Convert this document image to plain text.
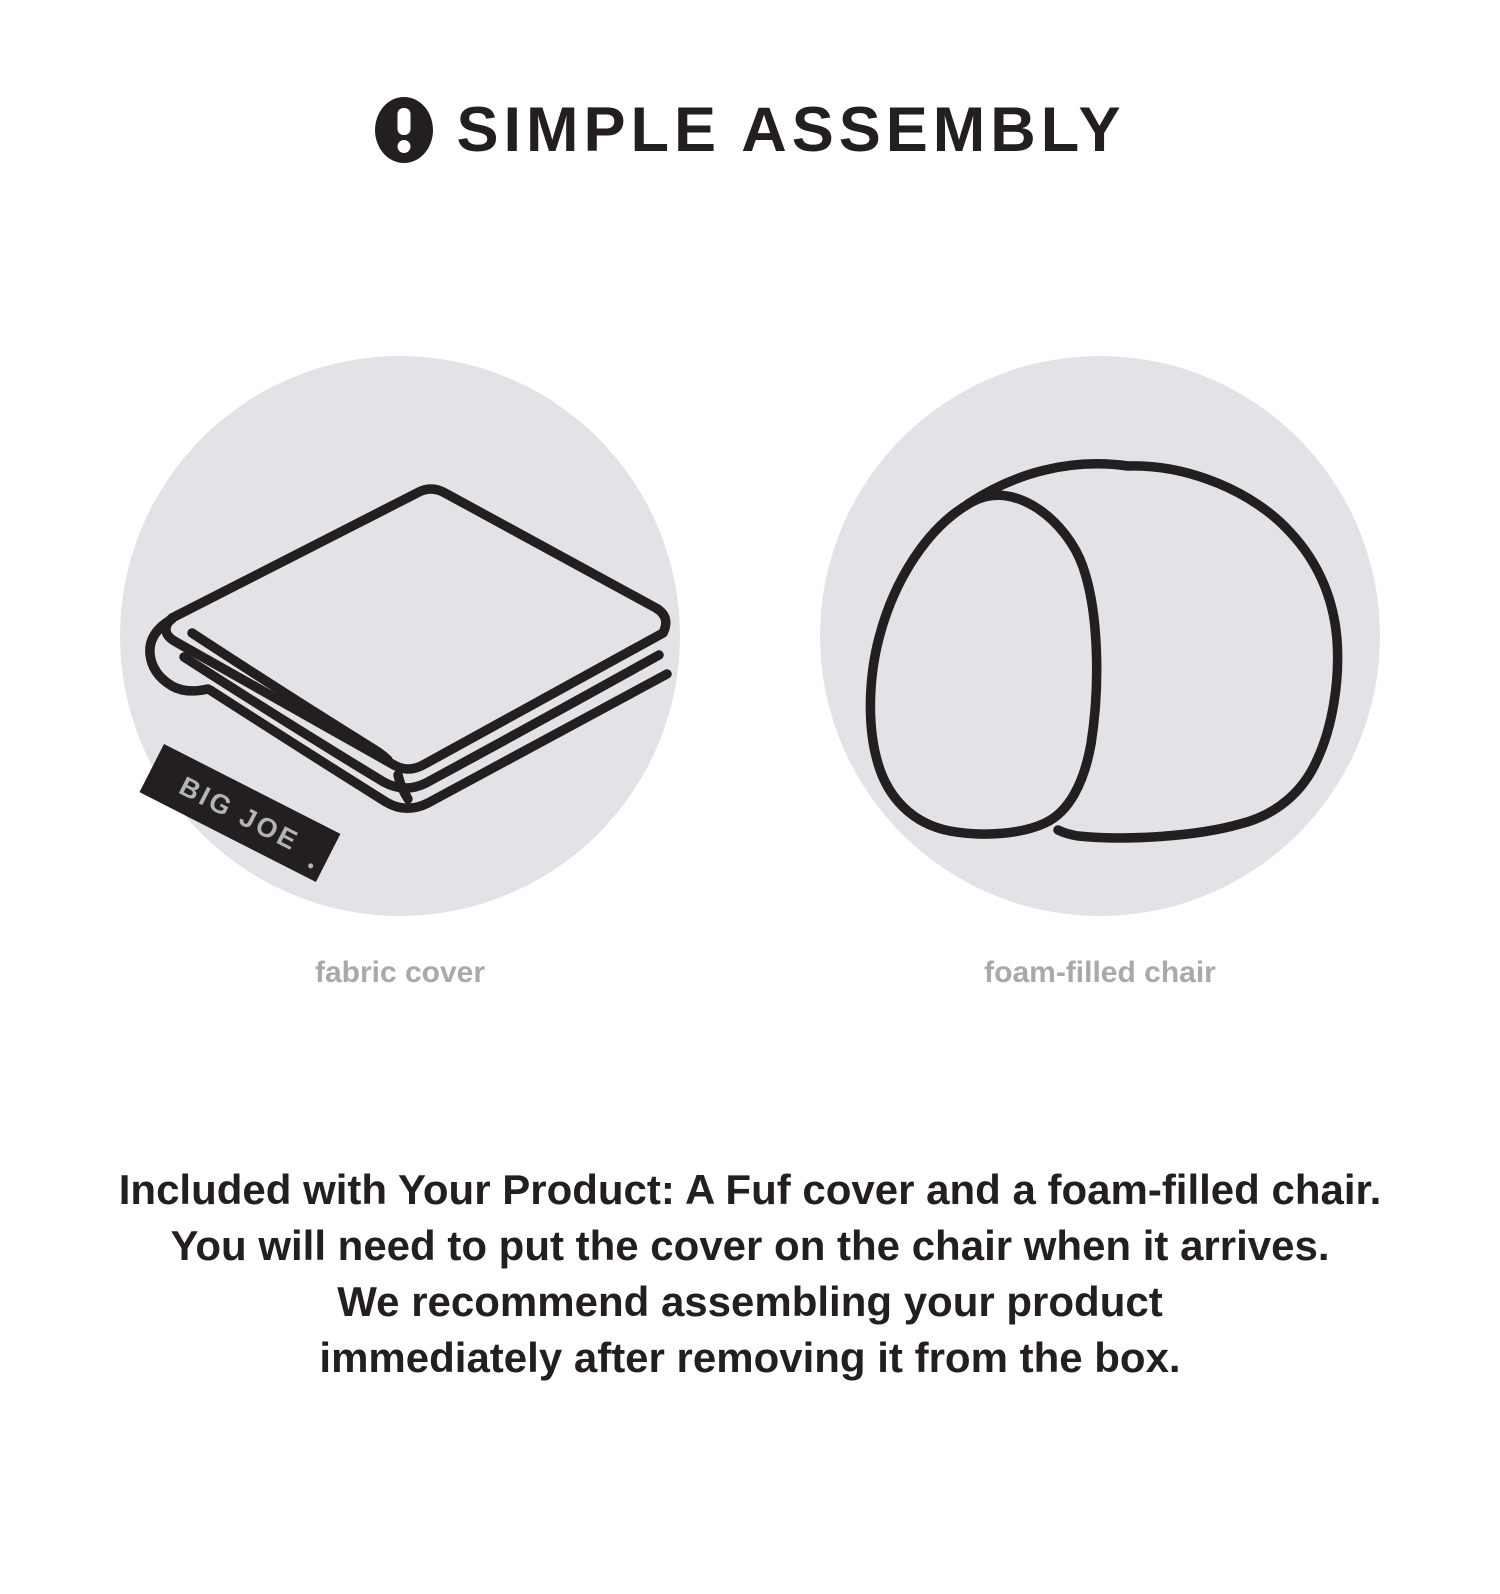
SIMPLE ASSEMBLY
BIG JOE
fabric cover	foam-filled chair
Included with Your Product: A Fuf cover and a foam-filled chair.
You will need to put the cover on the chair when it arrives.
We recommend assembling your product
immediately after removing it from the box.
